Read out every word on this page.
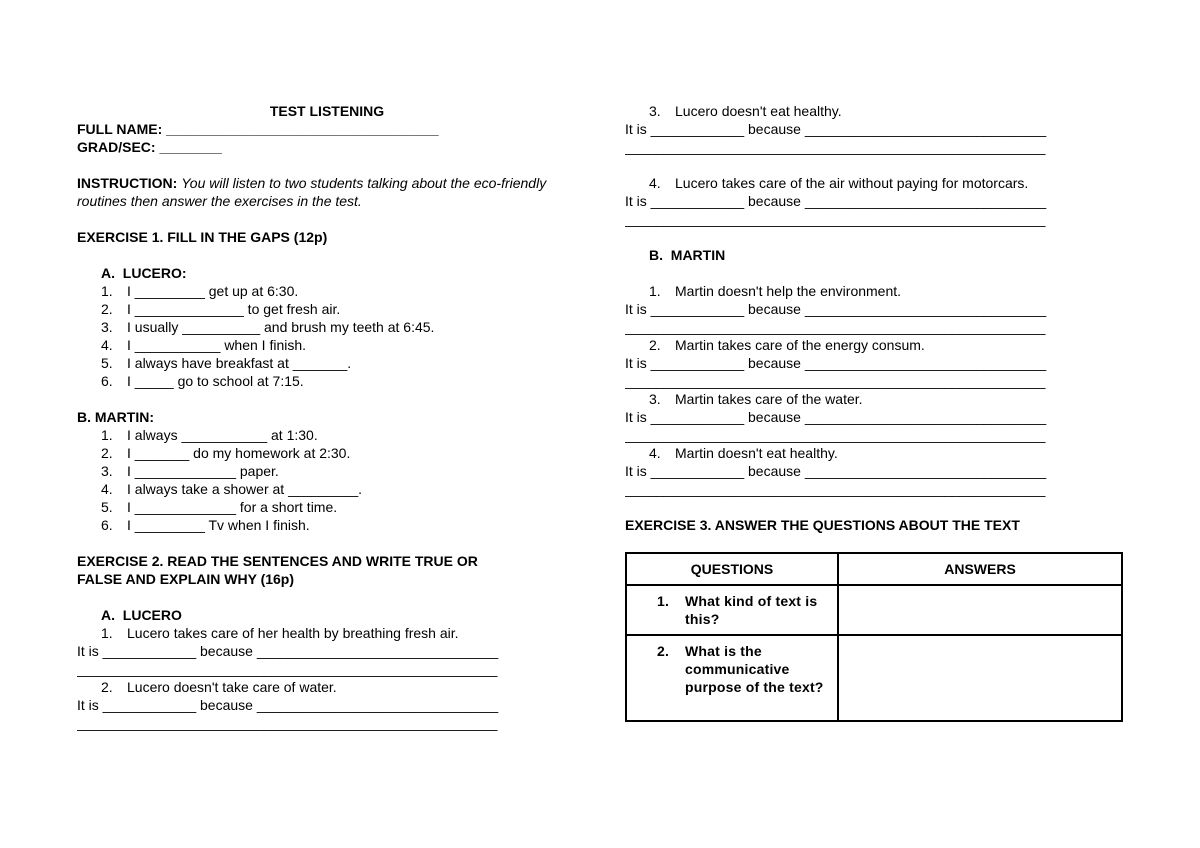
TEST LISTENING
FULL NAME: ___________________________________
GRAD/SEC: ________
INSTRUCTION: You will listen to two students talking about the eco-friendly routines then answer the exercises in the test.
EXERCISE 1. FILL IN THE GAPS (12p)
A.  LUCERO:
1. I _________ get up at 6:30.
2. I ______________ to get fresh air.
3. I usually __________ and brush my teeth at 6:45.
4. I ___________ when I finish.
5. I always have breakfast at _______.
6. I _____ go to school at 7:15.
B. MARTIN:
1. I always ___________ at 1:30.
2. I _______ do my homework at 2:30.
3. I _____________ paper.
4. I always take a shower at _________.
5. I _____________ for a short time.
6. I _________ Tv when I finish.
EXERCISE 2. READ THE SENTENCES AND WRITE TRUE OR
FALSE AND EXPLAIN WHY (16p)
A.  LUCERO
1. Lucero takes care of her health by breathing fresh air.
It is ____________ because _______________________________
______________________________________________________
2. Lucero doesn't take care of water.
It is ____________ because _______________________________
______________________________________________________
3. Lucero doesn't eat healthy.
It is ____________ because _______________________________
______________________________________________________
4. Lucero takes care of the air without paying for motorcars.
It is ____________ because _______________________________
______________________________________________________
B.  MARTIN
1. Martin doesn't help the environment.
It is ____________ because _______________________________
______________________________________________________
2. Martin takes care of the energy consum.
It is ____________ because _______________________________
______________________________________________________
3. Martin takes care of the water.
It is ____________ because _______________________________
______________________________________________________
4. Martin doesn't eat healthy.
It is ____________ because _______________________________
______________________________________________________
EXERCISE 3. ANSWER THE QUESTIONS ABOUT THE TEXT
QUESTIONS	ANSWERS

1. What kind of text is this?	

2. What is the communicative purpose of the text?	
